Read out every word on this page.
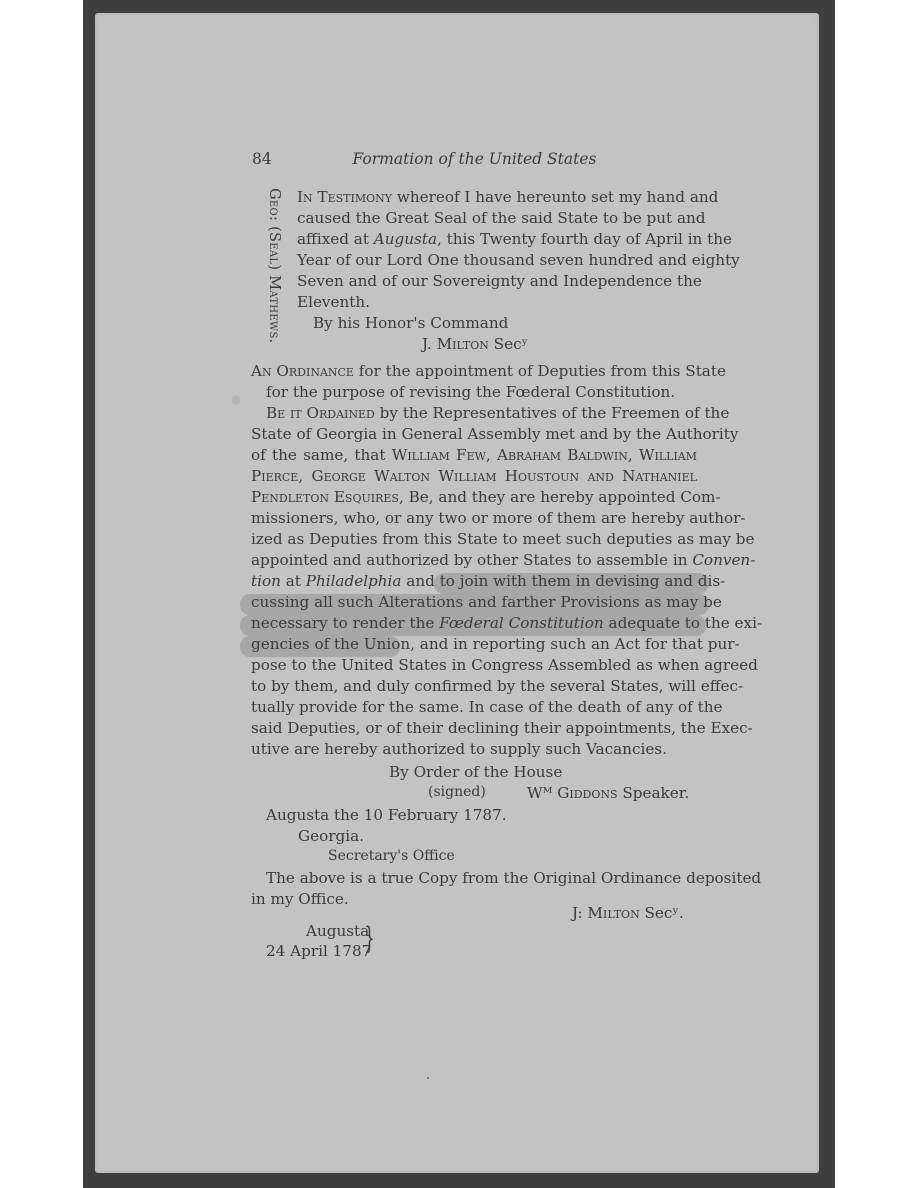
84	Formation of the United States
Geo: (Seal) Mathews. In Testimony whereof I have hereunto set my hand and
caused the Great Seal of the said State to be put and
affixed at Augusta, this Twenty fourth day of April in the
Year of our Lord One thousand seven hundred and eighty
Seven and of our Sovereignty and Independence the
Eleventh.
By his Honor's Command
J. Milton Secʸ
An Ordinance for the appointment of Deputies from this State
for the purpose of revising the Fœderal Constitution.
Be it Ordained by the Representatives of the Freemen of the
State of Georgia in General Assembly met and by the Authority
of the same, that William Few, Abraham Baldwin, William
Pierce, George Walton William Houstoun and Nathaniel
Pendleton Esquires, Be, and they are hereby appointed Com-
missioners, who, or any two or more of them are hereby author-
ized as Deputies from this State to meet such deputies as may be
appointed and authorized by other States to assemble in Conven-
tion at Philadelphia and to join with them in devising and dis-
cussing all such Alterations and farther Provisions as may be
necessary to render the Fœderal Constitution adequate to the exi-
gencies of the Union, and in reporting such an Act for that pur-
pose to the United States in Congress Assembled as when agreed
to by them, and duly confirmed by the several States, will effec-
tually provide for the same. In case of the death of any of the
said Deputies, or of their declining their appointments, the Exec-
utive are hereby authorized to supply such Vacancies.
By Order of the House
(signed)	Wᴹ Giddons Speaker.
Augusta the 10 February 1787.
Georgia.
Secretary's Office
The above is a true Copy from the Original Ordinance deposited
in my Office.
J: Milton Secʸ.
Augusta
24 April 1787
}
